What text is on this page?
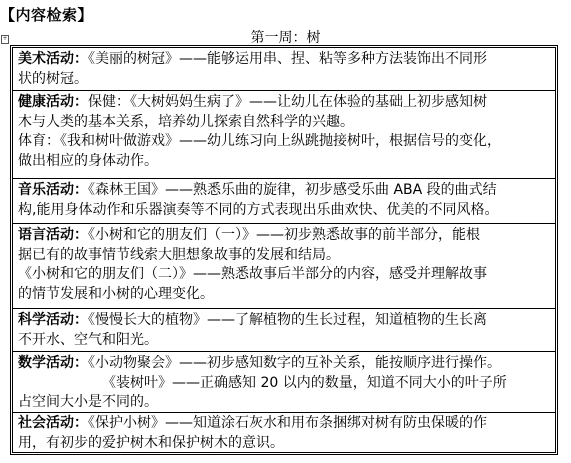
【内容检索】
+	第一周：树
美术活动：《美丽的树冠》——能够运用串、捏、粘等多种方法装饰出不同形
状的树冠。
健康活动：保健：《大树妈妈生病了》——让幼儿在体验的基础上初步感知树
木与人类的基本关系，培养幼儿探索自然科学的兴趣。
体育：《我和树叶做游戏》——幼儿练习向上纵跳抛接树叶，根据信号的变化，
做出相应的身体动作。
音乐活动：《森林王国》——熟悉乐曲的旋律，初步感受乐曲 ABA 段的曲式结
构,能用身体动作和乐器演奏等不同的方式表现出乐曲欢快、优美的不同风格。
语言活动：《小树和它的朋友们（一）》——初步熟悉故事的前半部分，能根
据已有的故事情节线索大胆想象故事的发展和结局。
《小树和它的朋友们（二）》——熟悉故事后半部分的内容，感受并理解故事
的情节发展和小树的心理变化。
科学活动：《慢慢长大的植物》——了解植物的生长过程，知道植物的生长离
不开水、空气和阳光。
数学活动：《小动物聚会》——初步感知数字的互补关系，能按顺序进行操作。
《装树叶》——正确感知 20 以内的数量，知道不同大小的叶子所
占空间大小是不同的。
社会活动：《保护小树》——知道涂石灰水和用布条捆绑对树有防虫保暖的作
用，有初步的爱护树木和保护树木的意识。
